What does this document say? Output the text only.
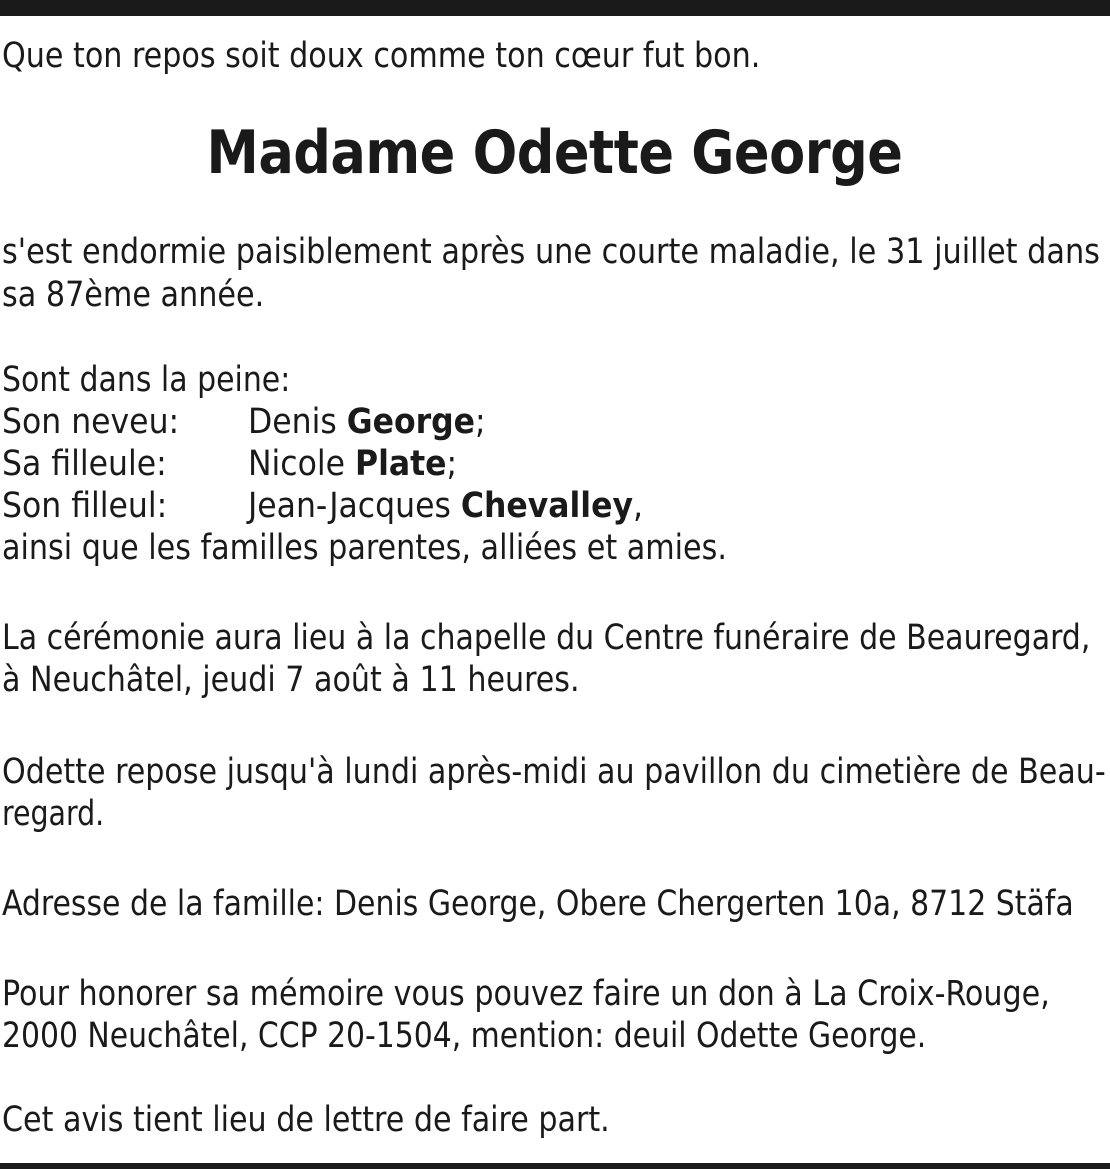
Que ton repos soit doux comme ton cœur fut bon.
Madame Odette George
s'est endormie paisiblement après une courte maladie, le 31 juillet dans
sa 87ème année.
Sont dans la peine:
Son neveu: Denis George;
Sa filleule: Nicole Plate;
Son filleul: Jean-Jacques Chevalley,
ainsi que les familles parentes, alliées et amies.
La cérémonie aura lieu à la chapelle du Centre funéraire de Beauregard,
à Neuchâtel, jeudi 7 août à 11 heures.
Odette repose jusqu'à lundi après-midi au pavillon du cimetière de Beau-
regard.
Adresse de la famille: Denis George, Obere Chergerten 10a, 8712 Stäfa
Pour honorer sa mémoire vous pouvez faire un don à La Croix-Rouge,
2000 Neuchâtel, CCP 20-1504, mention: deuil Odette George.
Cet avis tient lieu de lettre de faire part.
